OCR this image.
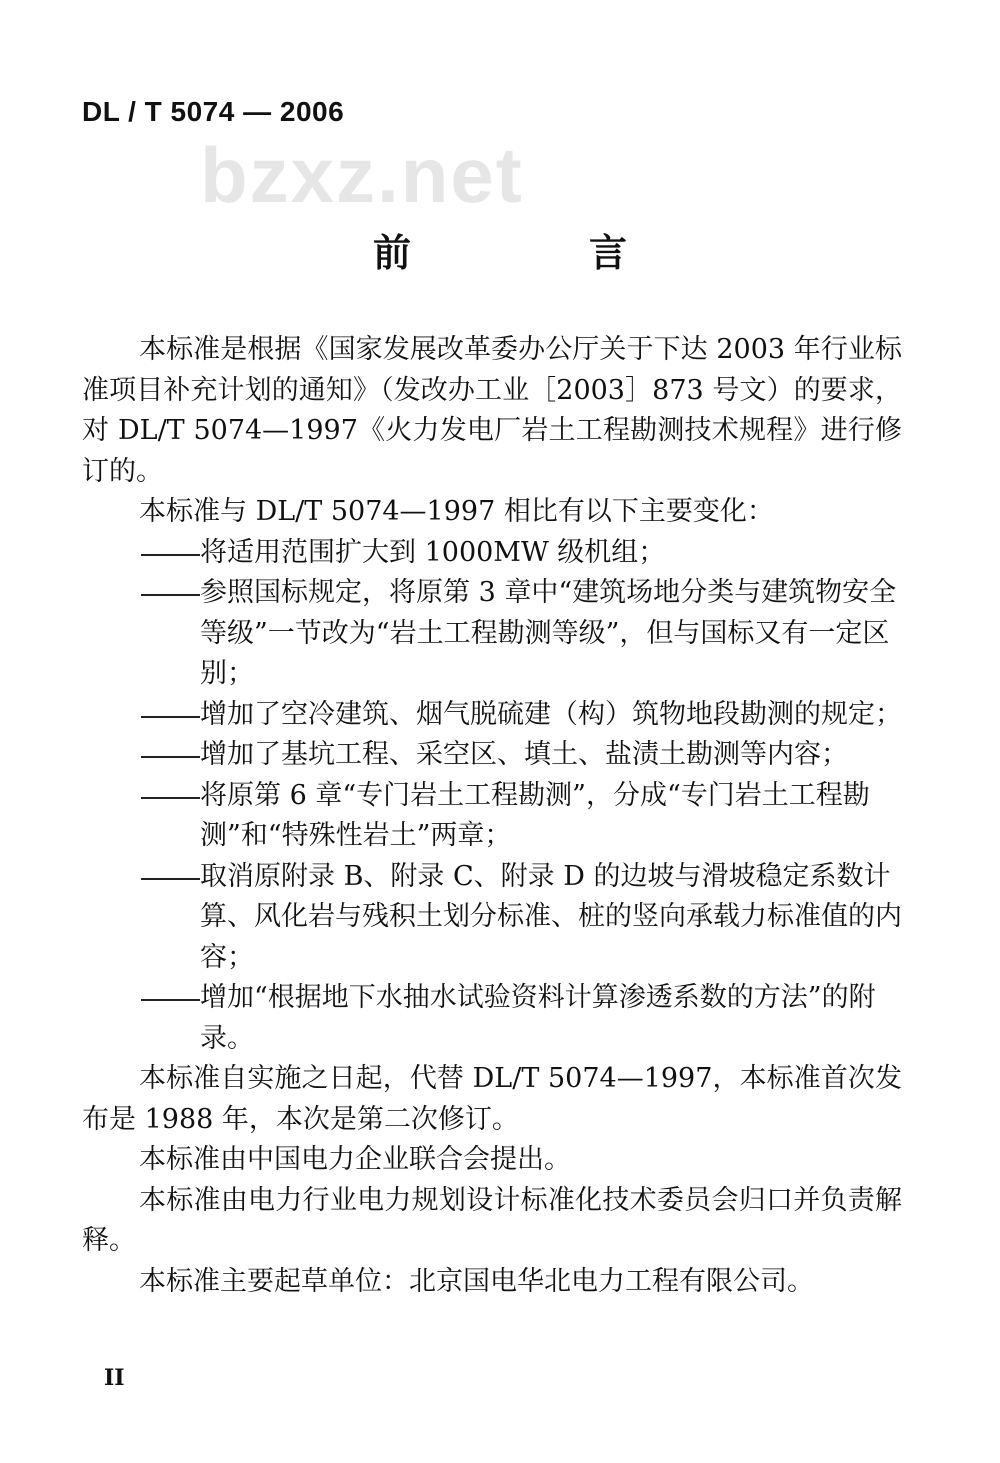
DL / T 5074 — 2006
bzxz.net
前　言

本标准是根据《国家发展改革委办公厅关于下达 2003 年行业标准项目补充计划的通知》（发改办工业［2003］873 号文）的要求，对 DL/T 5074—1997《火力发电厂岩土工程勘测技术规程》进行修订的。

本标准与 DL/T 5074—1997 相比有以下主要变化：

将适用范围扩大到 1000MW 级机组；
参照国标规定，将原第 3 章中“建筑场地分类与建筑物安全等级”一节改为“岩土工程勘测等级”，但与国标又有一定区别；
增加了空冷建筑、烟气脱硫建（构）筑物地段勘测的规定；
增加了基坑工程、采空区、填土、盐渍土勘测等内容；
将原第 6 章“专门岩土工程勘测”，分成“专门岩土工程勘测”和“特殊性岩土”两章；
取消原附录 B、附录 C、附录 D 的边坡与滑坡稳定系数计算、风化岩与残积土划分标准、桩的竖向承载力标准值的内容；
增加“根据地下水抽水试验资料计算渗透系数的方法”的附录。

本标准自实施之日起，代替 DL/T 5074—1997，本标准首次发布是 1988 年，本次是第二次修订。

本标准由中国电力企业联合会提出。

本标准由电力行业电力规划设计标准化技术委员会归口并负责解释。

本标准主要起草单位：北京国电华北电力工程有限公司。

II
